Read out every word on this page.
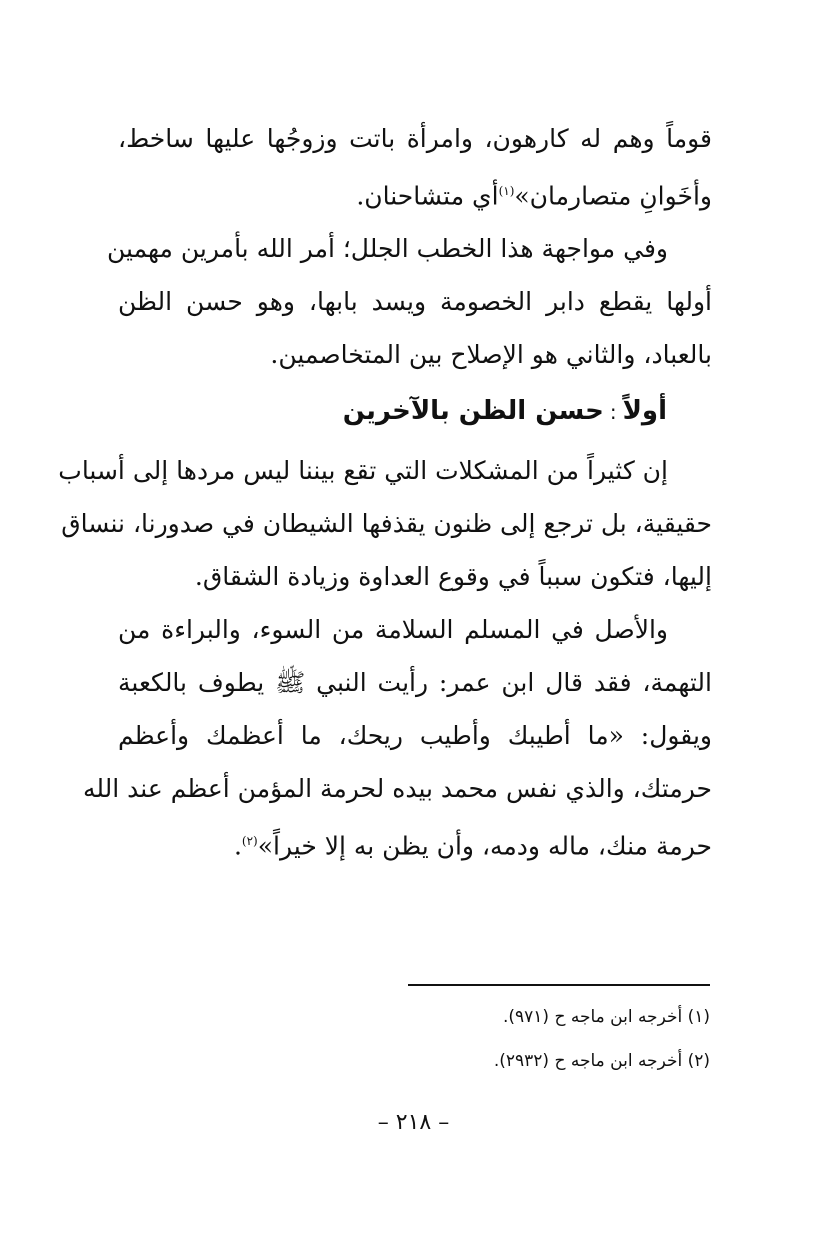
قوماً وهم له كارهون، وامرأة باتت وزوجُها عليها ساخط،
وأخَوانِ متصارمان»$^{(١)}$أي متشاحنان.

وفي مواجهة هذا الخطب الجلل؛ أمر الله بأمرين مهمين
أولها يقطع دابر الخصومة ويسد بابها، وهو حسن الظن
بالعباد، والثاني هو الإصلاح بين المتخاصمين.

أولاً:حسن الظن بالآخرين

إن كثيراً من المشكلات التي تقع بيننا ليس مردها إلى أسباب
حقيقية، بل ترجع إلى ظنون يقذفها الشيطان في صدورنا، ننساق
إليها، فتكون سبباً في وقوع العداوة وزيادة الشقاق.

والأصل في المسلم السلامة من السوء، والبراءة من
التهمة، فقد قال ابن عمر: رأيت النبي ﷺ يطوف بالكعبة
ويقول: «ما أطيبك وأطيب ريحك، ما أعظمك وأعظم
حرمتك، والذي نفس محمد بيده لحرمة المؤمن أعظم عند الله
حرمة منك، ماله ودمه، وأن يظن به إلا خيراً»$^{(٢)}$.

(١) أخرجه ابن ماجه ح (٩٧١).
(٢) أخرجه ابن ماجه ح (٢٩٣٢).
– ٢١٨ –
